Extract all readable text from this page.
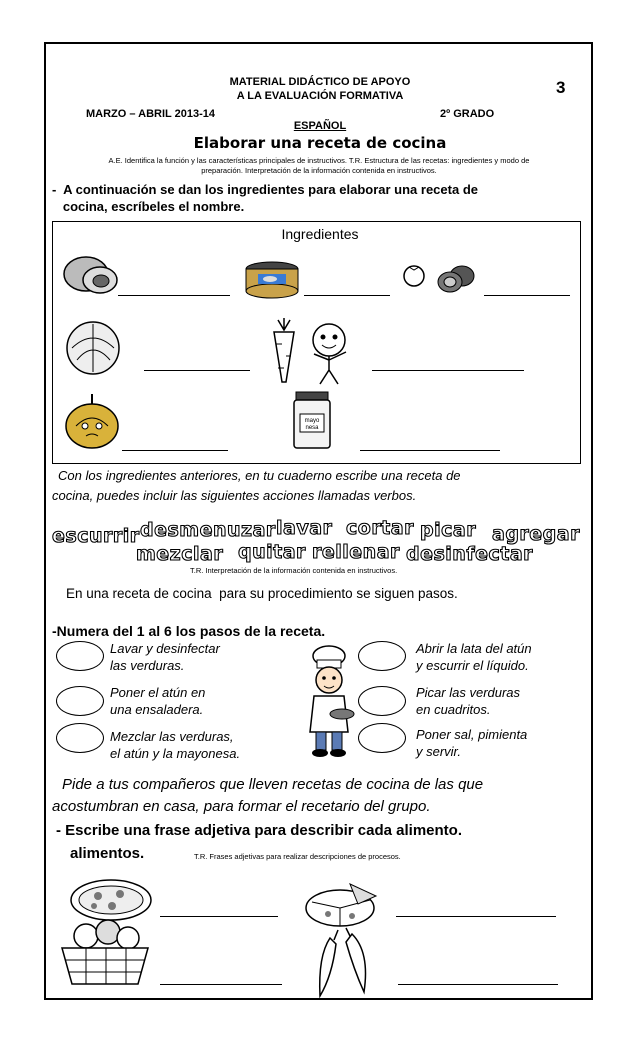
MATERIAL DIDÁCTICO DE APOYO
A LA EVALUACIÓN FORMATIVA	3
MARZO – ABRIL 2013-14	2º GRADO
ESPAÑOL
Elaborar una receta de cocina
A.E. Identifica la función y las características principales de instructivos. T.R. Estructura de las recetas: ingredientes y modo de
preparación. Interpretación de la información contenida en instructivos.
-  A continuación se dan los ingredientes para elaborar una receta de
cocina, escríbeles el nombre.
Ingredientes
mayo
nesa
Con los ingredientes anteriores, en tu cuaderno escribe una receta de
cocina, puedes incluir las siguientes acciones llamadas verbos.
escurrir desmenuzar lavar cortar picar agregar
mezclar quitar rellenar desinfectar
T.R. Interpretación de la información contenida en instructivos.
En una receta de cocina  para su procedimiento se siguen pasos.
-Numera del 1 al 6 los pasos de la receta.
Lavar y desinfectar
las verduras.
Poner el atún en
una ensaladera.
Mezclar las verduras,
el atún y la mayonesa.
Abrir la lata del atún
y escurrir el líquido.
Picar las verduras
en cuadritos.
Poner sal, pimienta
y servir.
Pide a tus compañeros que lleven recetas de cocina de las que
acostumbran en casa, para formar el recetario del grupo.
- Escribe una frase adjetiva para describir cada alimento.
alimentos.	T.R. Frases adjetivas para realizar descripciones de procesos.
